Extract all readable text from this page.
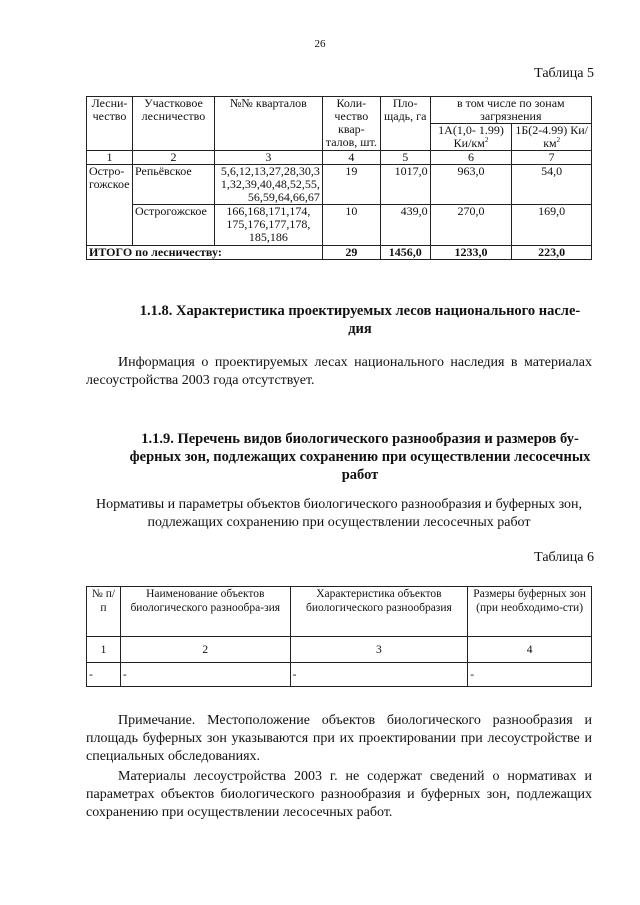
26
Таблица 5
Лесни-чество	Участковое лесничество	№№ кварталов	Коли-чество квар-талов, шт.	Пло-щадь, га	в том числе по зонам загрязнения	
					1А(1,0- 1.99) $Ки/км^2$	1Б(2-4.99) $Ки/км^2$
1	2	3	4	5	6	7
Остро-гожское	Репьёвское	5,6,12,13,27,28,30,3 1,32,39,40,48,52,55, 56,59,64,66,67	19	1017,0	963,0	54,0
	Острогожское	166,168,171,174, 175,176,177,178, 185,186	10	439,0	270,0	169,0
ИТОГО по лесничеству:			29	1456,0	1233,0	223,0
1.1.8. Характеристика проектируемых лесов национального насле-
дия
Информация о проектируемых лесах национального наследия в материалах лесоустройства 2003 года отсутствует.
1.1.9. Перечень видов биологического разнообразия и размеров бу-
ферных зон, подлежащих сохранению при осуществлении лесосечных
работ
Нормативы и параметры объектов биологического разнообразия и буферных зон, подлежащих сохранению при осуществлении лесосечных работ
Таблица 6
№ п/п	Наименование объектов биологического разнообра-зия	Характеристика объектов биологического разнообразия	Размеры буферных зон (при необходимо-сти)
1	2	3	4
-	-	-	-
Примечание. Местоположение объектов биологического разнообразия и площадь буферных зон указываются при их проектировании при лесоустройстве и специальных обследованиях.
Материалы лесоустройства 2003 г. не содержат сведений о нормативах и параметрах объектов биологического разнообразия и буферных зон, подлежащих сохранению при осуществлении лесосечных работ.
